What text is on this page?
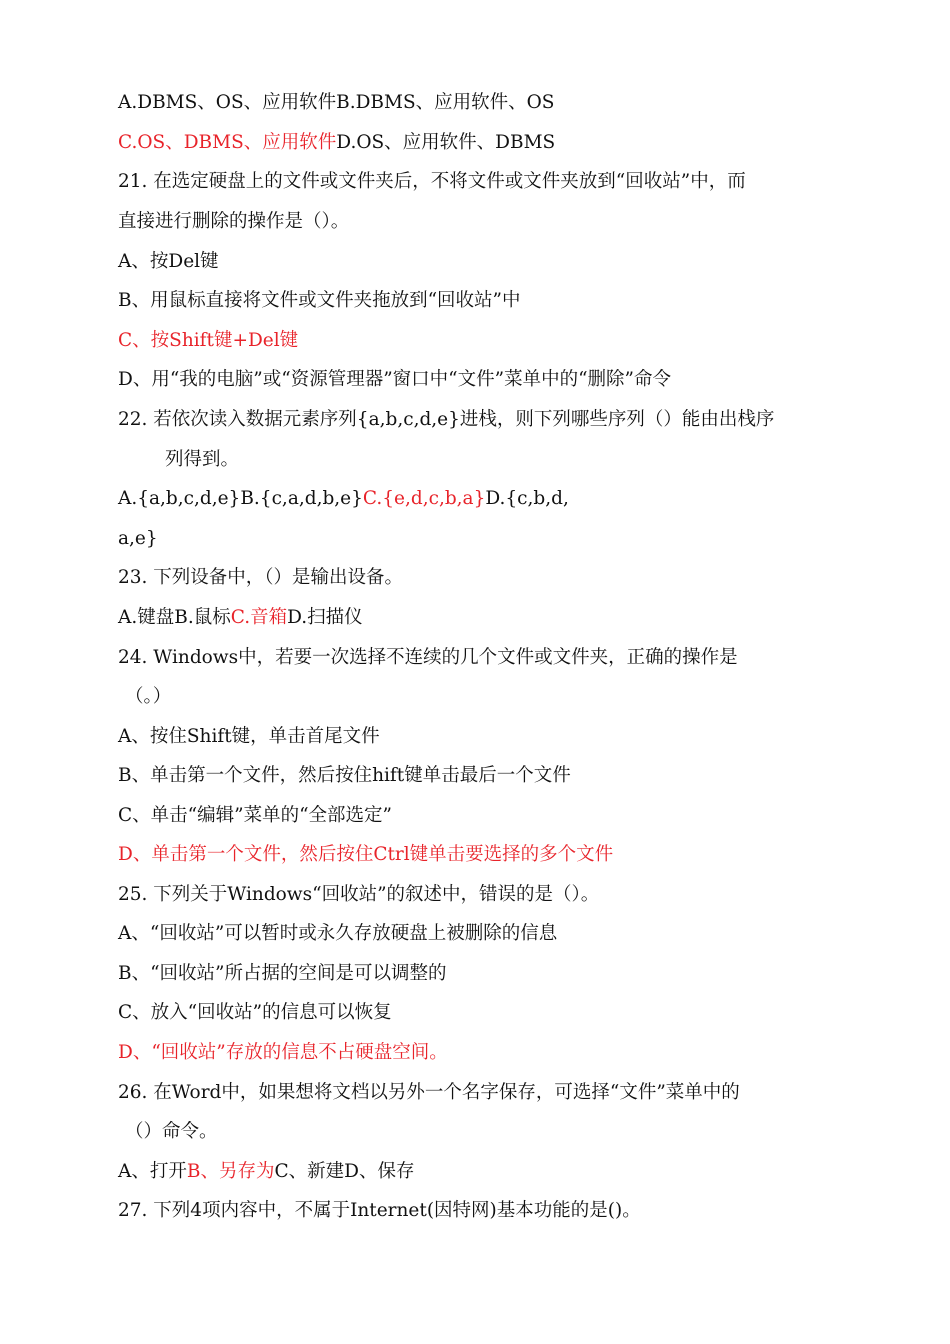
A.DBMS、OS、应用软件B.DBMS、应用软件、OS
C.OS、DBMS、应用软件D.OS、应用软件、DBMS
21. 在选定硬盘上的文件或文件夹后，不将文件或文件夹放到“回收站”中，而
直接进行删除的操作是（）。
A、按Del键
B、用鼠标直接将文件或文件夹拖放到“回收站”中
C、按Shift键+Del键
D、用“我的电脑”或“资源管理器”窗口中“文件”菜单中的“删除”命令
22. 若依次读入数据元素序列{a,b,c,d,e}进栈，则下列哪些序列（）能由出栈序
列得到。
A.{a,b,c,d,e}B.{c,a,d,b,e}C.{e,d,c,b,a}D.{c,b,d,
a,e}
23. 下列设备中，（）是输出设备。
A.键盘B.鼠标C.音箱D.扫描仪
24. Windows中，若要一次选择不连续的几个文件或文件夹，正确的操作是
（。）
A、按住Shift键，单击首尾文件
B、单击第一个文件，然后按住hift键单击最后一个文件
C、单击“编辑”菜单的“全部选定”
D、单击第一个文件，然后按住Ctrl键单击要选择的多个文件
25. 下列关于Windows“回收站”的叙述中，错误的是（）。
A、“回收站”可以暂时或永久存放硬盘上被删除的信息
B、“回收站”所占据的空间是可以调整的
C、放入“回收站”的信息可以恢复
D、“回收站”存放的信息不占硬盘空间。
26. 在Word中，如果想将文档以另外一个名字保存，可选择“文件”菜单中的
（）命令。
A、打开B、另存为C、新建D、保存
27. 下列4项内容中，不属于Internet(因特网)基本功能的是()。
